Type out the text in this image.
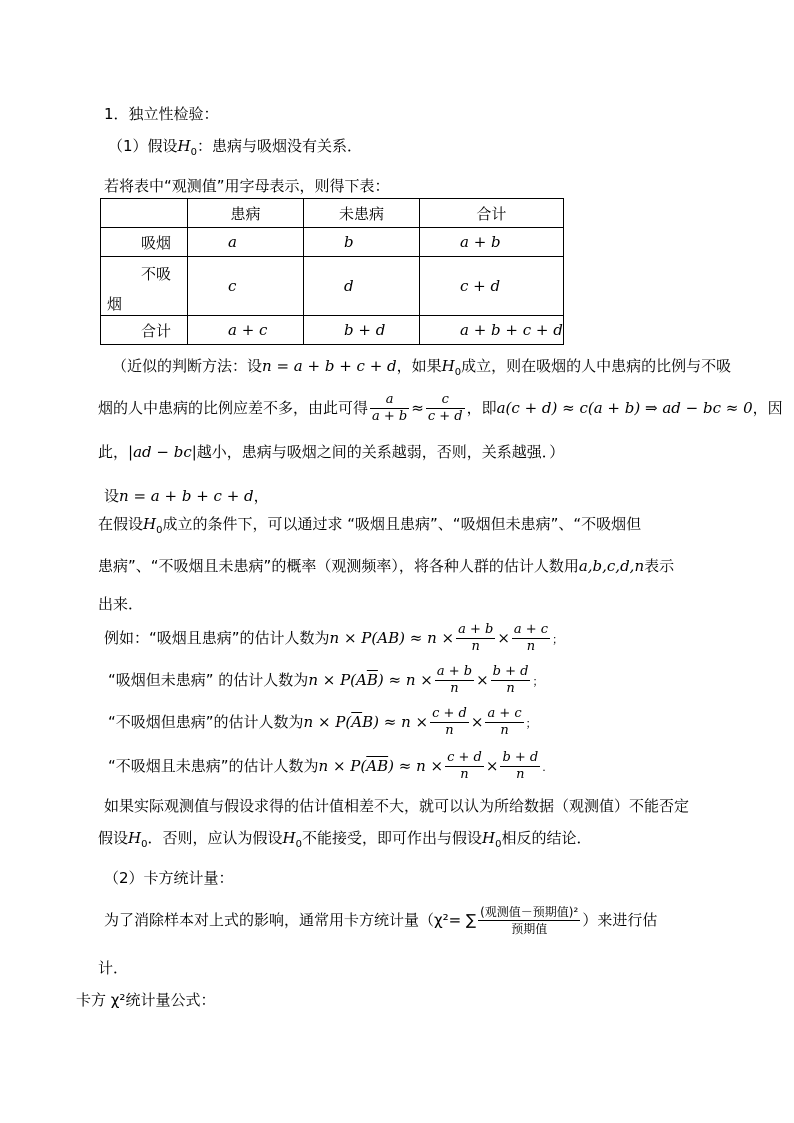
1．独立性检验：
（1）假设$H_0$：患病与吸烟没有关系．
若将表中“观测值”用字母表示，则得下表：
	患病	未患病	合计
吸烟	a	b	a + b

不吸
烟	c	d	c + d
合计	a + c	b + d	a + b + c + d
（近似的判断方法：设n = a + b + c + d，如果$H_0$成立，则在吸烟的人中患病的比例与不吸
烟的人中患病的比例应差不多，由此可得 $\frac{a}{a + b} \approx \frac{c}{c + d}$ ，即a(c + d) ≈ c(a + b) ⇒ ad − bc ≈ 0，因
此，|ad − bc|越小，患病与吸烟之间的关系越弱，否则，关系越强．）
设n = a + b + c + d，
在假设$H_0$成立的条件下，可以通过求 “吸烟且患病”、“吸烟但未患病”、“不吸烟但
患病”、“不吸烟且未患病”的概率（观测频率），将各种人群的估计人数用a,b,c,d,n表示
出来．
例如：“吸烟且患病”的估计人数为$n \times P(AB) \approx n \times \frac{a + b}{n} \times \frac{a + c}{n}$ ；
“吸烟但未患病” 的估计人数为$n \times P(A\overline{B}) \approx n \times \frac{a + b}{n} \times \frac{b + d}{n}$ ；
“不吸烟但患病”的估计人数为$n \times P(\overline{A}B) \approx n \times \frac{c + d}{n} \times \frac{a + c}{n}$ ；
“不吸烟且未患病”的估计人数为$n \times P(\overline{AB}) \approx n \times \frac{c + d}{n} \times \frac{b + d}{n}$ .
如果实际观测值与假设求得的估计值相差不大，就可以认为所给数据（观测值）不能否定
假设$H_0$．否则，应认为假设$H_0$不能接受，即可作出与假设$H_0$相反的结论．
（2）卡方统计量：
为了消除样本对上式的影响，通常用卡方统计量（χ²= ∑ $\frac{\text{(观测值－预期值)²}}{\text{预期值}}$ ）来进行估
计．
卡方 χ²统计量公式：
